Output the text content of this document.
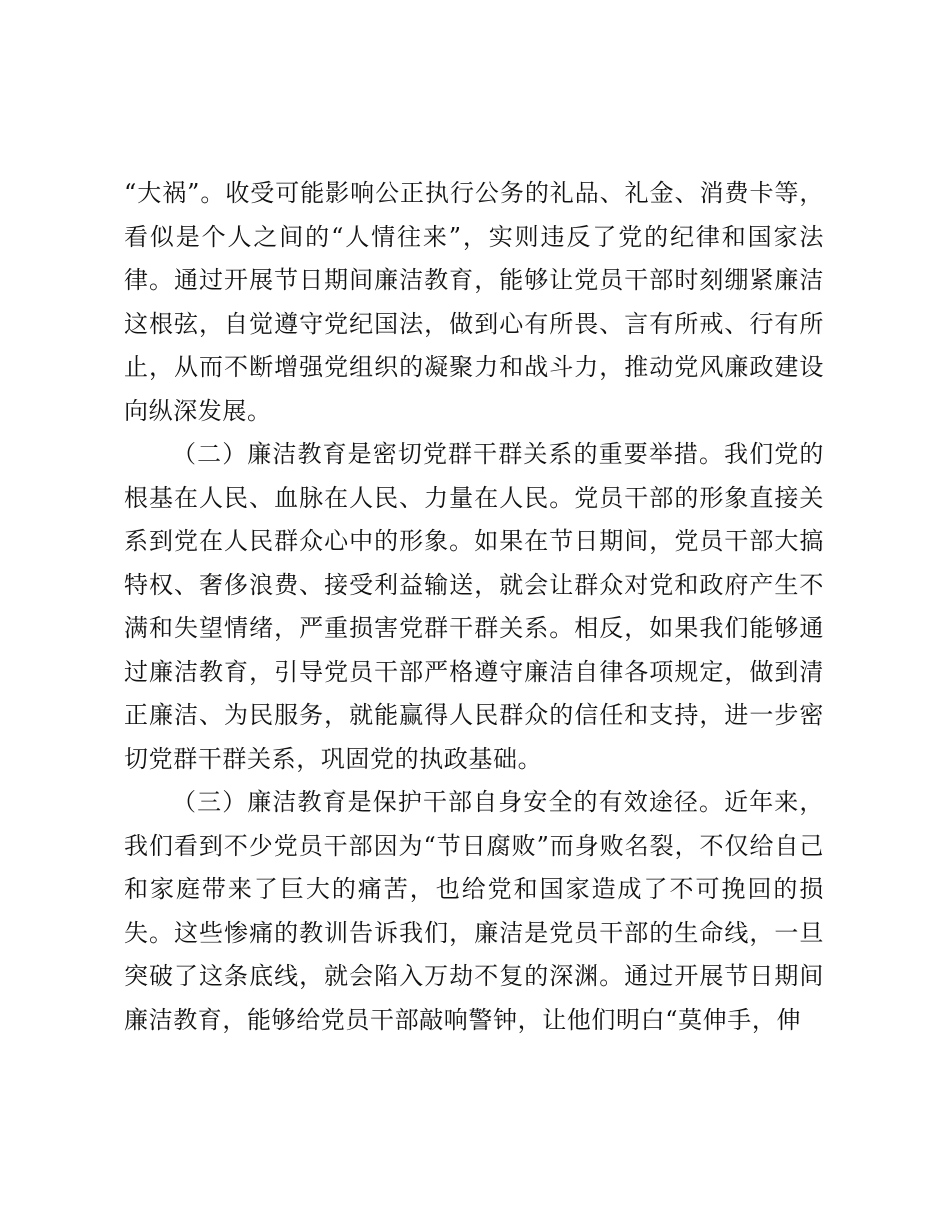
“大祸”。收受可能影响公正执行公务的礼品、礼金、消费卡等，看似是个人之间的“人情往来”，实则违反了党的纪律和国家法律。通过开展节日期间廉洁教育，能够让党员干部时刻绷紧廉洁这根弦，自觉遵守党纪国法，做到心有所畏、言有所戒、行有所止，从而不断增强党组织的凝聚力和战斗力，推动党风廉政建设向纵深发展。

（二）廉洁教育是密切党群干群关系的重要举措。我们党的根基在人民、血脉在人民、力量在人民。党员干部的形象直接关系到党在人民群众心中的形象。如果在节日期间，党员干部大搞特权、奢侈浪费、接受利益输送，就会让群众对党和政府产生不满和失望情绪，严重损害党群干群关系。相反，如果我们能够通过廉洁教育，引导党员干部严格遵守廉洁自律各项规定，做到清正廉洁、为民服务，就能赢得人民群众的信任和支持，进一步密切党群干群关系，巩固党的执政基础。

（三）廉洁教育是保护干部自身安全的有效途径。近年来，我们看到不少党员干部因为“节日腐败”而身败名裂，不仅给自己和家庭带来了巨大的痛苦，也给党和国家造成了不可挽回的损失。这些惨痛的教训告诉我们，廉洁是党员干部的生命线，一旦突破了这条底线，就会陷入万劫不复的深渊。通过开展节日期间廉洁教育，能够给党员干部敲响警钟，让他们明白“莫伸手，伸
